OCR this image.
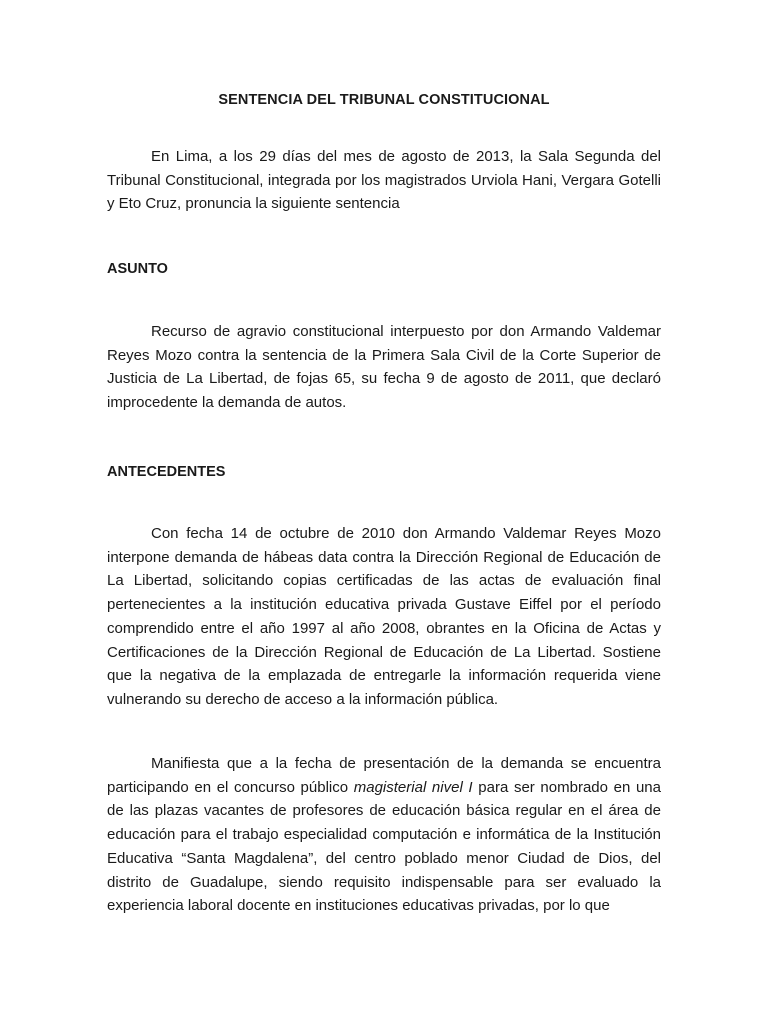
SENTENCIA DEL TRIBUNAL CONSTITUCIONAL

En Lima, a los 29 días del mes de agosto de 2013, la Sala Segunda del Tribunal Constitucional, integrada por los magistrados Urviola Hani, Vergara Gotelli y Eto Cruz, pronuncia la siguiente sentencia

ASUNTO

Recurso de agravio constitucional interpuesto por don Armando Valdemar Reyes Mozo contra la sentencia de la Primera Sala Civil de la Corte Superior de Justicia de La Libertad, de fojas 65, su fecha 9 de agosto de 2011, que declaró improcedente la demanda de autos.

ANTECEDENTES

Con fecha 14 de octubre de 2010 don Armando Valdemar Reyes Mozo interpone demanda de hábeas data contra la Dirección Regional de Educación de La Libertad, solicitando copias certificadas de las actas de evaluación final pertenecientes a la institución educativa privada Gustave Eiffel por el período comprendido entre el año 1997 al año 2008, obrantes en la Oficina de Actas y Certificaciones de la Dirección Regional de Educación de La Libertad. Sostiene que la negativa de la emplazada de entregarle la información requerida viene vulnerando su derecho de acceso a la información pública.

Manifiesta que a la fecha de presentación de la demanda se encuentra participando en el concurso público magisterial nivel I para ser nombrado en una de las plazas vacantes de profesores de educación básica regular en el área de educación para el trabajo especialidad computación e informática de la Institución Educativa “Santa Magdalena”, del centro poblado menor Ciudad de Dios, del distrito de Guadalupe, siendo requisito indispensable para ser evaluado la experiencia laboral docente en instituciones educativas privadas, por lo que
